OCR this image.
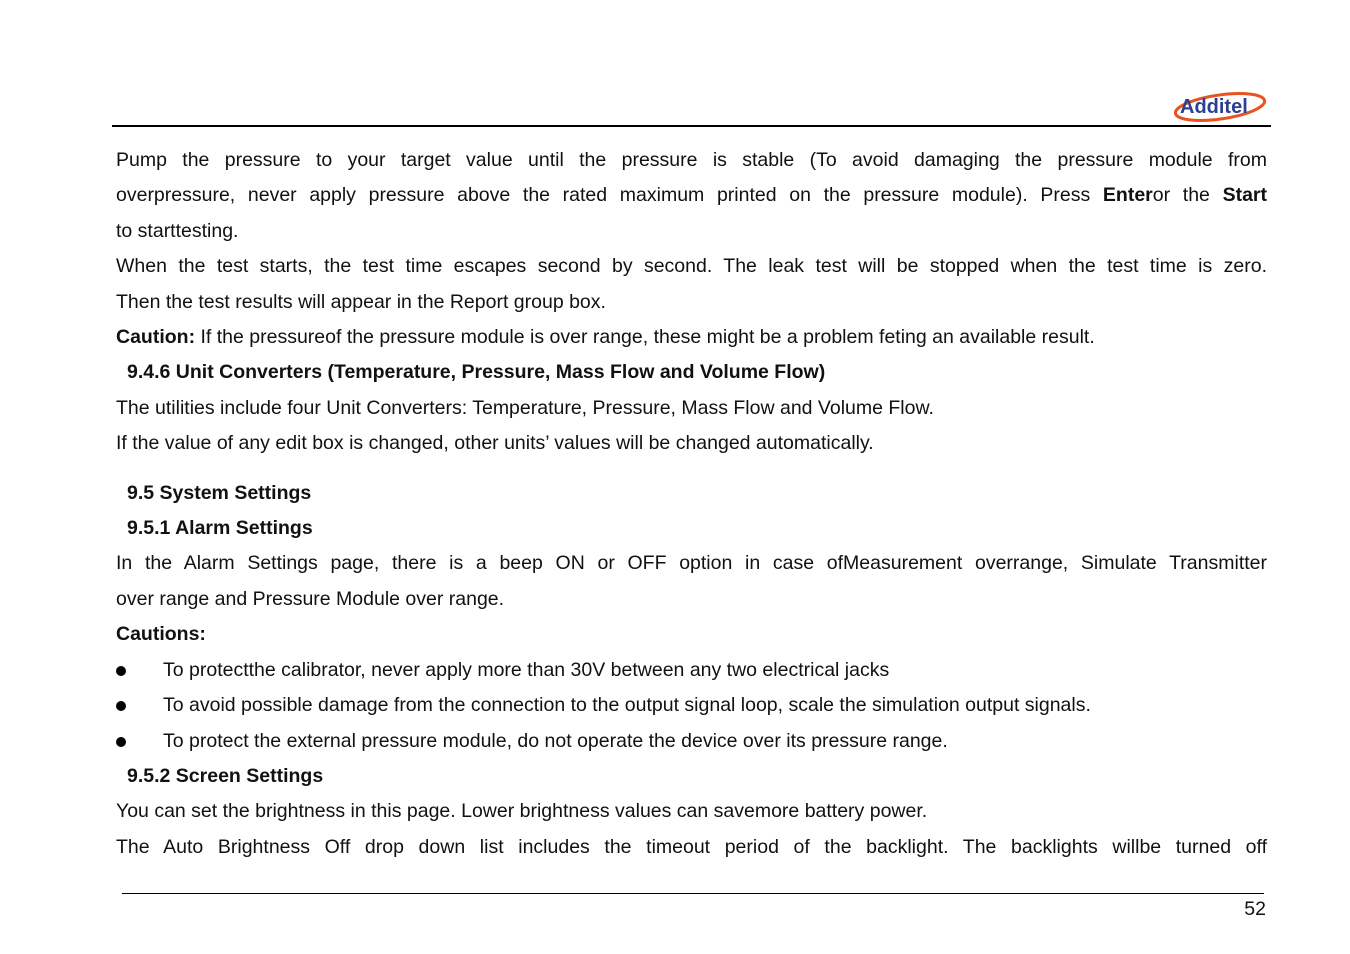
Additel

Pump the pressure to your target value until the pressure is stable (To avoid damaging the pressure module from

overpressure, never apply pressure above the rated maximum printed on the pressure module). Press Enteror the Start

to starttesting.

When the test starts, the test time escapes second by second. The leak test will be stopped when the test time is zero.

Then the test results will appear in the Report group box.

Caution: If the pressureof the pressure module is over range, these might be a problem feting an available result.

9.4.6 Unit Converters (Temperature, Pressure, Mass Flow and Volume Flow)

The utilities include four Unit Converters: Temperature, Pressure, Mass Flow and Volume Flow.

If the value of any edit box is changed, other units’ values will be changed automatically.

9.5 System Settings

9.5.1 Alarm Settings

In the Alarm Settings page, there is a beep ON or OFF option in case ofMeasurement overrange, Simulate Transmitter

over range and Pressure Module over range.

Cautions:

To protectthe calibrator, never apply more than 30V between any two electrical jacks

To avoid possible damage from the connection to the output signal loop, scale the simulation output signals.

To protect the external pressure module, do not operate the device over its pressure range.

9.5.2 Screen Settings

You can set the brightness in this page. Lower brightness values can savemore battery power.

The Auto Brightness Off drop down list includes the timeout period of the backlight. The backlights willbe turned off

52
